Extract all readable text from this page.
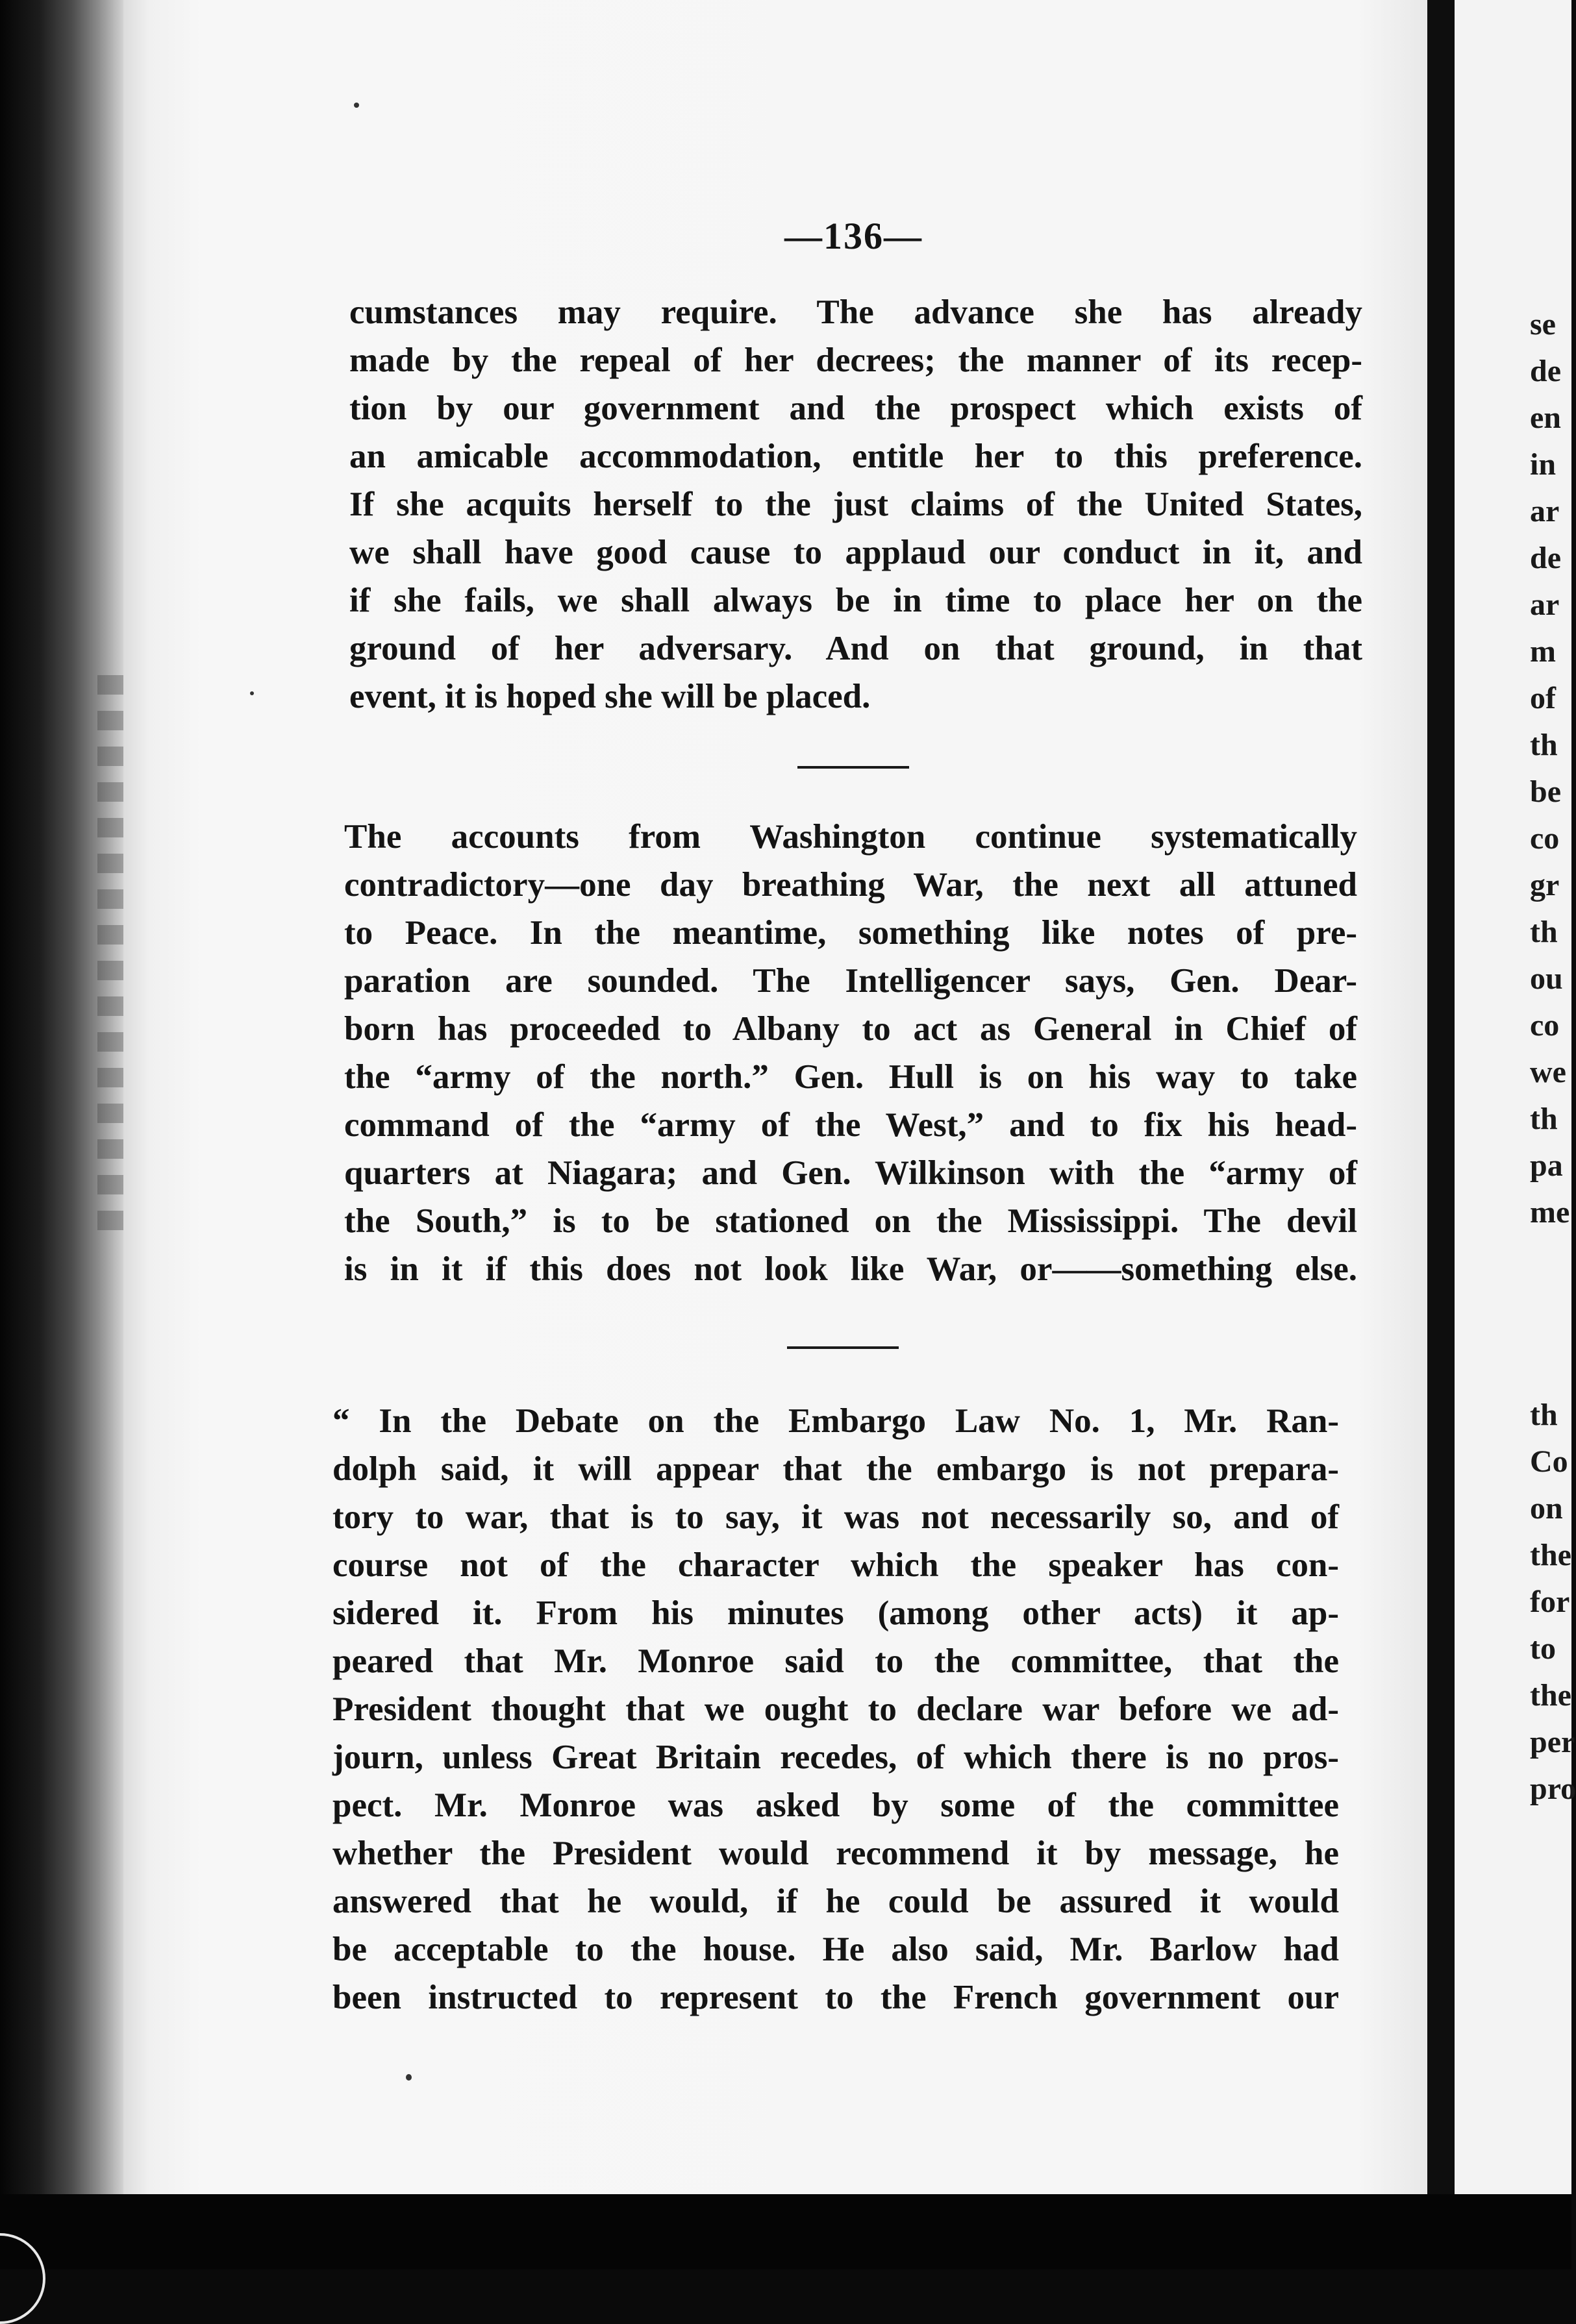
—136—
cumstances may require. The advance she has already
made by the repeal of her decrees; the manner of its recep-
tion by our government and the prospect which exists of
an amicable accommodation, entitle her to this preference.
If she acquits herself to the just claims of the United States,
we shall have good cause to applaud our conduct in it, and
if she fails, we shall always be in time to place her on the
ground of her adversary. And on that ground, in that
event, it is hoped she will be placed.
The accounts from Washington continue systematically
contradictory—one day breathing War, the next all attuned
to Peace. In the meantime, something like notes of pre-
paration are sounded. The Intelligencer says, Gen. Dear-
born has proceeded to Albany to act as General in Chief of
the “army of the north.” Gen. Hull is on his way to take
command of the “army of the West,” and to fix his head-
quarters at Niagara; and Gen. Wilkinson with the “army of
the South,” is to be stationed on the Mississippi. The devil
is in it if this does not look like War, or——something else.
“ In the Debate on the Embargo Law No. 1, Mr. Ran-
dolph said, it will appear that the embargo is not prepara-
tory to war, that is to say, it was not necessarily so, and of
course not of the character which the speaker has con-
sidered it. From his minutes (among other acts) it ap-
peared that Mr. Monroe said to the committee, that the
President thought that we ought to declare war before we ad-
journ, unless Great Britain recedes, of which there is no pros-
pect. Mr. Monroe was asked by some of the committee
whether the President would recommend it by message, he
answered that he would, if he could be assured it would
be acceptable to the house. He also said, Mr. Barlow had
been instructed to represent to the French government our
se
de
en
in
ar
de
ar
m
of
th
be
co
gr
th
ou
co
we
th
pa
me
th
Co
on
the
for
to
the
per
pro
